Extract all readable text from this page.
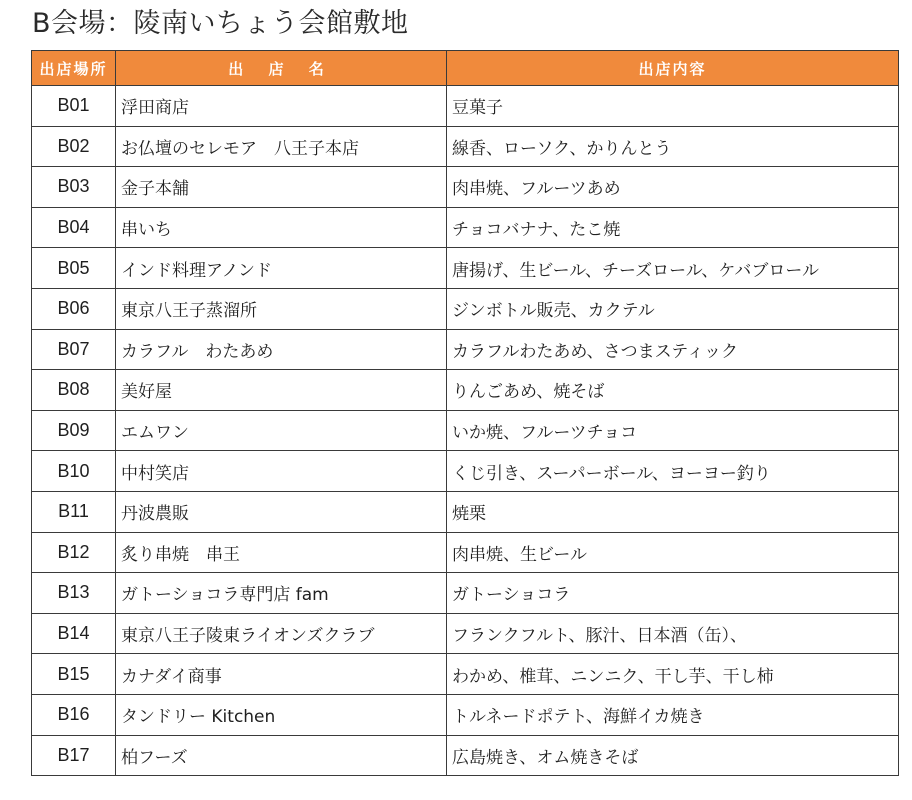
B会場：陵南いちょう会館敷地
出店場所	出 店 名	出店内容
B01	浮田商店	豆菓子
B02	お仏壇のセレモア　八王子本店	線香、ローソク、かりんとう
B03	金子本舗	肉串焼、フルーツあめ
B04	串いち	チョコバナナ、たこ焼
B05	インド料理アノンド	唐揚げ、生ビール、チーズロール、ケバブロール
B06	東京八王子蒸溜所	ジンボトル販売、カクテル
B07	カラフル　わたあめ	カラフルわたあめ、さつまスティック
B08	美好屋	りんごあめ、焼そば
B09	エムワン	いか焼、フルーツチョコ
B10	中村笑店	くじ引き、スーパーボール、ヨーヨー釣り
B11	丹波農販	焼栗
B12	炙り串焼　串王	肉串焼、生ビール
B13	ガトーショコラ専門店 fam	ガトーショコラ
B14	東京八王子陵東ライオンズクラブ	フランクフルト、豚汁、日本酒（缶）、
B15	カナダイ商事	わかめ、椎茸、ニンニク、干し芋、干し柿
B16	タンドリー Kitchen	トルネードポテト、海鮮イカ焼き
B17	柏フーズ	広島焼き、オム焼きそば
